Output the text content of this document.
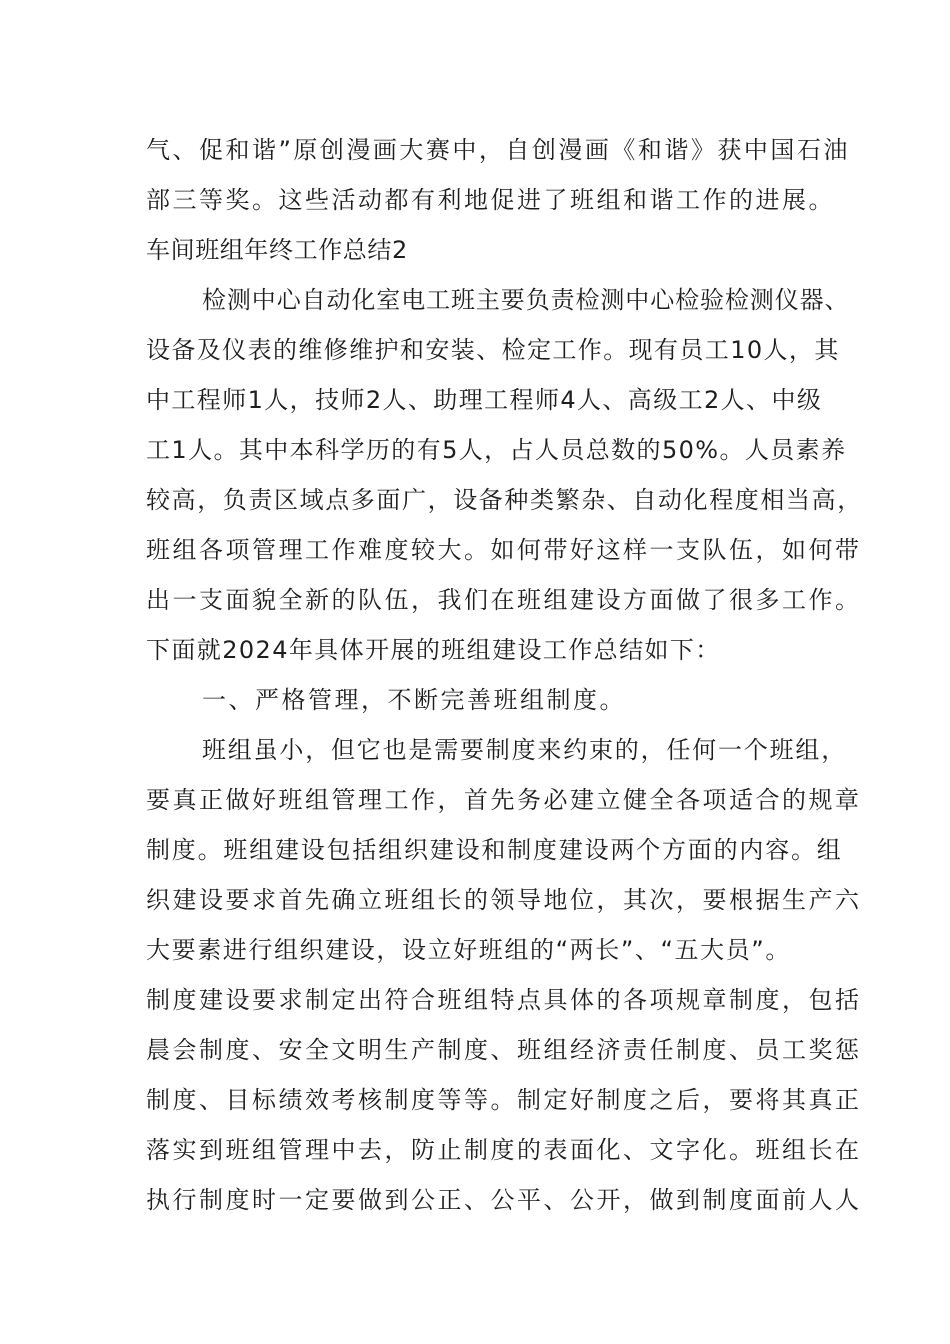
气、促和谐”原创漫画大赛中，自创漫画《和谐》获中国石油
部三等奖。这些活动都有利地促进了班组和谐工作的进展。
车间班组年终工作总结2
检测中心自动化室电工班主要负责检测中心检验检测仪器、
设备及仪表的维修维护和安装、检定工作。现有员工10人，其
中工程师1人，技师2人、助理工程师4人、高级工2人、中级
工1人。其中本科学历的有5人，占人员总数的50%。人员素养
较高，负责区域点多面广，设备种类繁杂、自动化程度相当高，
班组各项管理工作难度较大。如何带好这样一支队伍，如何带
出一支面貌全新的队伍，我们在班组建设方面做了很多工作。
下面就2024年具体开展的班组建设工作总结如下：
一、严格管理，不断完善班组制度。
班组虽小，但它也是需要制度来约束的，任何一个班组，
要真正做好班组管理工作，首先务必建立健全各项适合的规章
制度。班组建设包括组织建设和制度建设两个方面的内容。组
织建设要求首先确立班组长的领导地位，其次，要根据生产六
大要素进行组织建设，设立好班组的“两长”、“五大员”。
制度建设要求制定出符合班组特点具体的各项规章制度，包括
晨会制度、安全文明生产制度、班组经济责任制度、员工奖惩
制度、目标绩效考核制度等等。制定好制度之后，要将其真正
落实到班组管理中去，防止制度的表面化、文字化。班组长在
执行制度时一定要做到公正、公平、公开，做到制度面前人人
